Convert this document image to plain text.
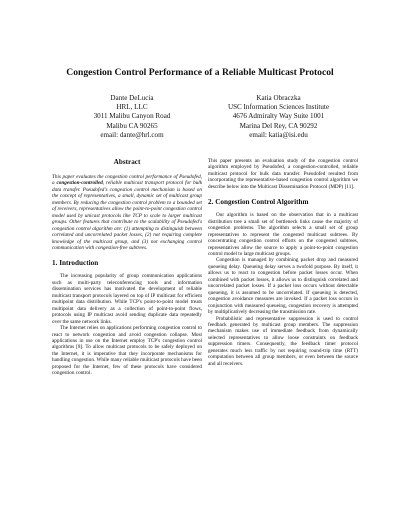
Congestion Control Performance of a Reliable Multicast Protocol
Dante DeLucia
HRL, LLC
3011 Malibu Canyon Road
Malibu CA 90265
email: dante@hrl.com
Katia Obraczka
USC Information Sciences Institute
4676 Admiralty Way Suite 1001
Marina Del Rey, CA 90292
email: katia@isi.edu
Abstract

This paper evaluates the congestion control performance of Pseudofed, a congestion-controlled, reliable multicast transport protocol for bulk data transfer. Pseudofed's congestion control mechanism is based on the concept of representatives, a small, dynamic set of multicast group members. By reducing the congestion control problem to a bounded set of receivers, representatives allow the point-to-point congestion control model used by unicast protocols like TCP to scale to larger multicast groups. Other features that contribute to the scalability of Pseudofed's congestion control algorithm are: (1) attempting to distinguish between correlated and uncorrelated packet losses, (2) not requiring complete knowledge of the multicast group, and (3) not exchanging control communication with congestion-free subtrees.

1. Introduction

The increasing popularity of group communication applications such as multi-party teleconferencing tools and information dissemination services has motivated the development of reliable multicast transport protocols layered on top of IP multicast for efficient multipoint data distribution. While TCP's point-to-point model treats multipoint data delivery as a collection of point-to-point flows, protocols using IP multicast avoid sending duplicate data repeatedly over the same network links.

The Internet relies on applications performing congestion control to react to network congestion and avoid congestion collapse. Most applications in use on the Internet employ TCP's congestion control algorithms [8]. To allow multicast protocols to be safely deployed on the Internet, it is imperative that they incorporate mechanisms for handling congestion. While many reliable multicast protocols have been proposed for the Internet, few of these protocols have considered congestion control.

This paper presents an evaluation study of the congestion control algorithm employed by Pseudofed, a congestion-controlled, reliable multicast protocol for bulk data transfer. Pseudofed resulted from incorporating the representative-based congestion control algorithm we describe below into the Multicast Dissemination Protocol (MDP) [11].

2. Congestion Control Algorithm

Our algorithm is based on the observation that in a multicast distribution tree a small set of bottleneck links cause the majority of congestion problems. The algorithm selects a small set of group representatives to represent the congested multicast subtrees. By concentrating congestion control efforts on the congested subtrees, representatives allow the source to apply a point-to-point congestion control model to large multicast groups.

Congestion is managed by combining packet drop and measured queueing delay. Queueing delay serves a twofold purpose. By itself, it allows us to react to congestion before packet losses occur. When combined with packet losses, it allows us to distinguish correlated and uncorrelated packet losses. If a packet loss occurs without detectable queueing, it is assumed to be uncorrelated. If queueing is detected, congestion avoidance measures are invoked. If a packet loss occurs in conjunction with measured queueing, congestion recovery is attempted by multiplicatively decreasing the transmission rate.

Probabilistic and representative suppression is used to control feedback generated by multicast group members. The suppression mechanism makes use of immediate feedback from dynamically selected representatives to allow loose constraints on feedback suppression timers. Consequently, the feedback timer protocol generates much less traffic by not requiring round-trip time (RTT) computation between all group members, or even between the source and all receivers.
